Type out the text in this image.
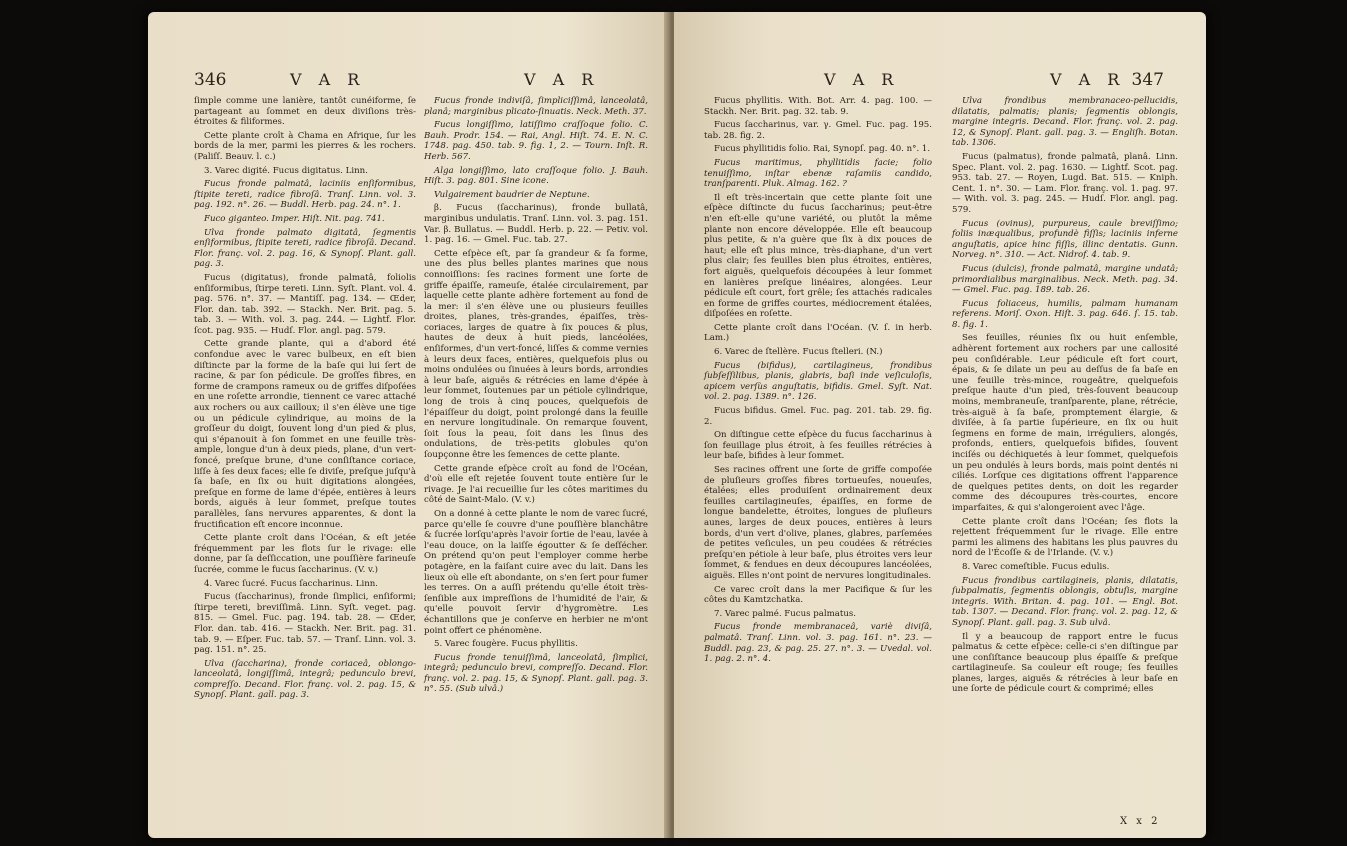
346	V A R	V A R

ſimple comme une lanière, tantôt cunéiforme, ſe partageant au ſommet en deux diviſions très-étroites & filiformes.

Cette plante croît à Chama en Afrique, ſur les bords de la mer, parmi les pierres & les rochers. (Paliſſ. Beauv. l. c.)

3. Varec digité. Fucus digitatus. Linn.

Fucus fronde palmatâ, laciniis enſiformibus, ſtipite tereti, radice fibroſâ. Tranſ. Linn. vol. 3. pag. 192. n°. 26. — Buddl. Herb. pag. 24. n°. 1.

Fuco giganteo. Imper. Hiſt. Nit. pag. 741.

Ulva fronde palmato digitatâ, ſegmentis enſiformibus, ſtipite tereti, radice fibroſâ. Decand. Flor. franç. vol. 2. pag. 16, & Synopſ. Plant. gall. pag. 3.

Fucus (digitatus), fronde palmatâ, foliolis enſiformibus, ſtirpe tereti. Linn. Syſt. Plant. vol. 4. pag. 576. n°. 37. — Mantiſſ. pag. 134. — Œder, Flor. dan. tab. 392. — Stackh. Ner. Brit. pag. 5. tab. 3. — With. vol. 3. pag. 244. — Lightf. Flor. ſcot. pag. 935. — Hudſ. Flor. angl. pag. 579.

Cette grande plante, qui a d'abord été confondue avec le varec bulbeux, en eſt bien diſtincte par la forme de la baſe qui lui ſert de racine, & par ſon pédicule. De groſſes fibres, en forme de crampons rameux ou de griffes diſpoſées en une roſette arrondie, tiennent ce varec attaché aux rochers ou aux cailloux; il s'en élève une tige ou un pédicule cylindrique, au moins de la groſſeur du doigt, ſouvent long d'un pied & plus, qui s'épanouit à ſon ſommet en une feuille très-ample, longue d'un à deux pieds, plane, d'un vert-foncé, preſque brune, d'une conſiſtance coriace, liſſe à ſes deux faces; elle ſe diviſe, preſque juſqu'à ſa baſe, en ſix ou huit digitations alongées, preſque en forme de lame d'épée, entières à leurs bords, aiguës à leur ſommet, preſque toutes parallèles, ſans nervures apparentes, & dont la fructification eſt encore inconnue.

Cette plante croît dans l'Océan, & eſt jetée fréquemment par les flots ſur le rivage: elle donne, par ſa deſſiccation, une pouſſière farineuſe ſucrée, comme le fucus ſaccharinus. (V. v.)

4. Varec ſucré. Fucus ſaccharinus. Linn.

Fucus (ſaccharinus), fronde ſimplici, enſiformi; ſtirpe tereti, breviſſimâ. Linn. Syſt. veget. pag. 815. — Gmel. Fuc. pag. 194. tab. 28. — Œder, Flor. dan. tab. 416. — Stackh. Ner. Brit. pag. 31. tab. 9. — Eſper. Fuc. tab. 57. — Tranſ. Linn. vol. 3. pag. 151. n°. 25.

Ulva (ſaccharina), fronde coriaceâ, oblongo-lanceolatâ, longiſſimâ, integrâ; pedunculo brevi, compreſſo. Decand. Flor. franç. vol. 2. pag. 15, & Synopſ. Plant. gall. pag. 3.

Fucus fronde indiviſâ, ſimpliciſſimâ, lanceolatâ, planâ; marginibus plicato-ſinuatis. Neck. Meth. 37.

Fucus longiſſimo, latiſſimo craſſoque folio. C. Bauh. Prodr. 154. — Rai, Angl. Hiſt. 74. E. N. C. 1748. pag. 450. tab. 9. fig. 1, 2. — Tourn. Inſt. R. Herb. 567.

Alga longiſſimo, lato craſſoque folio. J. Bauh. Hiſt. 3. pag. 801. Sine icone.

Vulgairement baudrier de Neptune.

β. Fucus (ſaccharinus), fronde bullatâ, marginibus undulatis. Tranſ. Linn. vol. 3. pag. 151. Var. β. Bullatus. — Buddl. Herb. p. 22. — Petiv. vol. 1. pag. 16. — Gmel. Fuc. tab. 27.

Cette eſpèce eſt, par ſa grandeur & ſa forme, une des plus belles plantes marines que nous connoiſſions: ſes racines forment une ſorte de griffe épaiſſe, rameuſe, étalée circulairement, par laquelle cette plante adhère fortement au fond de la mer: il s'en élève une ou plusieurs feuilles droites, planes, très-grandes, épaiſſes, très-coriaces, larges de quatre à ſix pouces & plus, hautes de deux à huit pieds, lancéolées, enſiformes, d'un vert-foncé, liſſes & comme vernies à leurs deux faces, entières, quelquefois plus ou moins ondulées ou ſinuées à leurs bords, arrondies à leur baſe, aiguës & rétrécies en lame d'épée à leur ſommet, ſoutenues par un pétiole cylindrique, long de trois à cinq pouces, quelquefois de l'épaiſſeur du doigt, point prolongé dans la feuille en nervure longitudinale. On remarque ſouvent, ſoit ſous la peau, ſoit dans les ſinus des ondulations, de très-petits globules qu'on ſoupçonne être les ſemences de cette plante.

Cette grande eſpèce croît au fond de l'Océan, d'où elle eſt rejetée ſouvent toute entière ſur le rivage. Je l'ai recueillie ſur les côtes maritimes du côté de Saint-Malo. (V. v.)

On a donné à cette plante le nom de varec ſucré, parce qu'elle ſe couvre d'une pouſſière blanchâtre & ſucrée lorſqu'après l'avoir ſortie de l'eau, lavée à l'eau douce, on la laiſſe égoutter & ſe deſſécher. On prétend qu'on peut l'employer comme herbe potagère, en la faiſant cuire avec du lait. Dans les lieux où elle eſt abondante, on s'en ſert pour fumer les terres. On a auſſi prétendu qu'elle étoit très-ſenſible aux impreſſions de l'humidité de l'air, & qu'elle pouvoit ſervir d'hygromètre. Les échantillons que je conſerve en herbier ne m'ont point offert ce phénomène.

5. Varec fougère. Fucus phyllitis.

Fucus fronde tenuiſſimâ, lanceolatâ, ſimplici, integrâ; pedunculo brevi, compreſſo. Decand. Flor. franç. vol. 2. pag. 15, & Synopſ. Plant. gall. pag. 3. n°. 55. (Sub ulvâ.)

V A R	V A R 347

Fucus phyllitis. With. Bot. Arr. 4. pag. 100. — Stackh. Ner. Brit. pag. 32. tab. 9.

Fucus ſaccharinus, var. γ. Gmel. Fuc. pag. 195. tab. 28. fig. 2.

Fucus phyllitidis folio. Rai, Synopſ. pag. 40. n°. 1.

Fucus maritimus, phyllitidis facie; folio tenuiſſimo, inſtar ebenæ raſamiis candido, tranſparenti. Pluk. Almag. 162. ?

Il eſt très-incertain que cette plante ſoit une eſpèce diſtincte du fucus ſaccharinus; peut-être n'en eſt-elle qu'une variété, ou plutôt la même plante non encore développée. Elle eſt beaucoup plus petite, & n'a guère que ſix à dix pouces de haut; elle eſt plus mince, très-diaphane, d'un vert plus clair; ſes feuilles bien plus étroites, entières, fort aiguës, quelquefois découpées à leur ſommet en lanières preſque linéaires, alongées. Leur pédicule eſt court, fort grêle; ſes attachés radicales en forme de griffes courtes, médiocrement étalées, diſpoſées en roſette.

Cette plante croît dans l'Océan. (V. ſ. in herb. Lam.)

6. Varec de ſtellère. Fucus ſtelleri. (N.)

Fucus (bifidus), cartilagineus, frondibus ſubſeſſilibus, planis, glabris, baſi inde veſiculoſis, apicem verſùs anguſtatis, bifidis. Gmel. Syſt. Nat. vol. 2. pag. 1389. n°. 126.

Fucus bifidus. Gmel. Fuc. pag. 201. tab. 29. fig. 2.

On diſtingue cette eſpèce du fucus ſaccharinus à ſon feuillage plus étroit, à ſes feuilles rétrécies à leur baſe, bifides à leur ſommet.

Ses racines offrent une ſorte de griffe compoſée de pluſieurs groſſes fibres tortueuſes, noueuſes, étalées; elles produiſent ordinairement deux feuilles cartilagineuſes, épaiſſes, en forme de longue bandelette, étroites, longues de pluſieurs aunes, larges de deux pouces, entières à leurs bords, d'un vert d'olive, planes, glabres, parſemées de petites veſicules, un peu coudées & rétrécies preſqu'en pétiole à leur baſe, plus étroites vers leur ſommet, & fendues en deux découpures lancéolées, aiguës. Elles n'ont point de nervures longitudinales.

Ce varec croît dans la mer Pacifique & ſur les côtes du Kamtzchatka.

7. Varec palmé. Fucus palmatus.

Fucus fronde membranaceâ, variè diviſâ, palmatâ. Tranſ. Linn. vol. 3. pag. 161. n°. 23. — Buddl. pag. 23, & pag. 25. 27. n°. 3. — Uvedal. vol. 1. pag. 2. n°. 4.

Ulva frondibus membranaceo-pellucidis, dilatatis, palmatis; planis; ſegmentis oblongis, margine integris. Decand. Flor. franç. vol. 2. pag. 12, & Synopſ. Plant. gall. pag. 3. — Engliſh. Botan. tab. 1306.

Fucus (palmatus), fronde palmatâ, planâ. Linn. Spec. Plant. vol. 2. pag. 1630. — Lightf. Scot. pag. 953. tab. 27. — Royen, Lugd. Bat. 515. — Kniph. Cent. 1. n°. 30. — Lam. Flor. franç. vol. 1. pag. 97. — With. vol. 3. pag. 245. — Hudſ. Flor. angl. pag. 579.

Fucus (ovinus), purpureus, caule breviſſimo; foliis inæqualibus, profundè fiſſis; laciniis inferne anguſtatis, apice hinc fiſſis, illinc dentatis. Gunn. Norveg. n°. 310. — Act. Nidrof. 4. tab. 9.

Fucus (dulcis), fronde palmatâ, margine undatâ; primordialibus marginalibus. Neck. Meth. pag. 34. — Gmel. Fuc. pag. 189. tab. 26.

Fucus foliaceus, humilis, palmam humanam referens. Moriſ. Oxon. Hiſt. 3. pag. 646. ſ. 15. tab. 8. fig. 1.

Ses feuilles, réunies ſix ou huit enſemble, adhèrent fortement aux rochers par une callosité peu conſidérable. Leur pédicule eſt fort court, épais, & ſe dilate un peu au deſſus de ſa baſe en une feuille très-mince, rougeâtre, quelquefois preſque haute d'un pied, très-ſouvent beaucoup moins, membraneuſe, tranſparente, plane, rétrécie, très-aiguë à ſa baſe, promptement élargie, & diviſée, à ſa partie ſupérieure, en ſix ou huit ſegmens en forme de main, irréguliers, alongés, profonds, entiers, quelquefois bifides, ſouvent inciſés ou déchiquetés à leur ſommet, quelquefois un peu ondulés à leurs bords, mais point dentés ni ciliés. Lorſque ces digitations offrent l'apparence de quelques petites dents, on doit les regarder comme des découpures très-courtes, encore imparfaites, & qui s'alongeroient avec l'âge.

Cette plante croît dans l'Océan; ſes flots la rejettent fréquemment ſur le rivage. Elle entre parmi les alimens des habitans les plus pauvres du nord de l'Écoſſe & de l'Irlande. (V. v.)

8. Varec comeſtible. Fucus edulis.

Fucus frondibus cartilagineis, planis, dilatatis, ſubpalmatis, ſegmentis oblongis, obtuſis, margine integris. With. Britan. 4. pag. 101. — Engl. Bot. tab. 1307. — Decand. Flor. franç. vol. 2. pag. 12, & Synopſ. Plant. gall. pag. 3. Sub ulvâ.

Il y a beaucoup de rapport entre le fucus palmatus & cette eſpèce: celle-ci s'en diſtingue par une conſiſtance beaucoup plus épaiſſe & preſque cartilagineuſe. Sa couleur eſt rouge; ſes feuilles planes, larges, aiguës & rétrécies à leur baſe en une ſorte de pédicule court & comprimé; elles

X x 2
